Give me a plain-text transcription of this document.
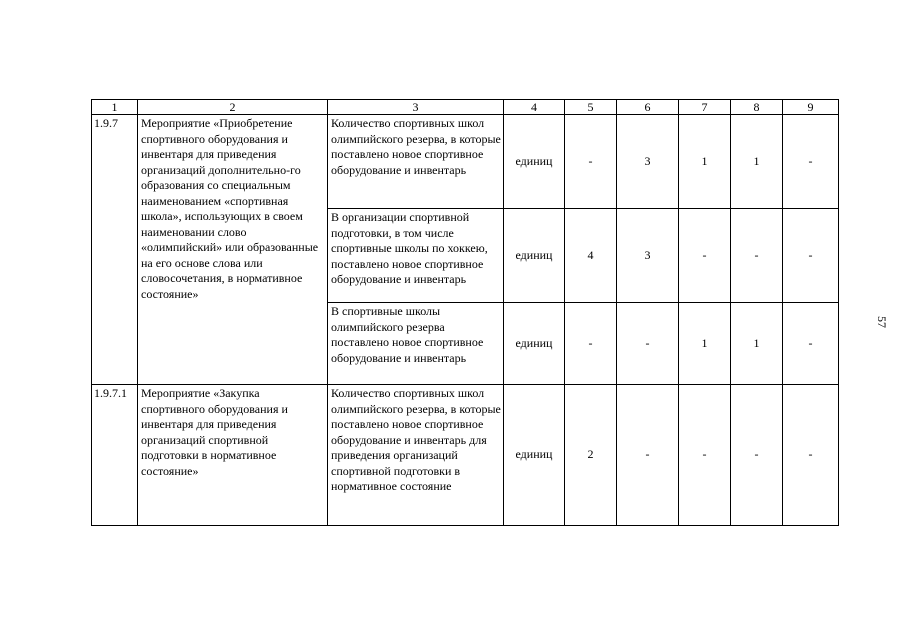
1	2	3	4	5	6	7	8	9
1.9.7	Мероприятие «Приобретение спортивного оборудования и инвентаря для приведения организаций дополнительно-го образования со специальным наименованием «спортивная школа», использующих в своем наименовании слово «олимпийский» или образованные на его основе слова или словосочетания, в нормативное состояние»	Количество спортивных школ олимпийского резерва, в которые поставлено новое спортивное оборудование и инвентарь	единиц	-	3	1	1	-
		В организации спортивной подготовки, в том числе спортивные школы по хоккею, поставлено новое спортивное оборудование и инвентарь	единиц	4	3	-	-	-
		В спортивные школы олимпийского резерва поставлено новое спортивное оборудование и инвентарь	единиц	-	-	1	1	-
1.9.7.1	Мероприятие «Закупка спортивного оборудования и инвентаря для приведения организаций спортивной подготовки в нормативное состояние»	Количество спортивных школ олимпийского резерва, в которые поставлено новое спортивное оборудование и инвентарь для приведения организаций спортивной подготовки в нормативное состояние	единиц	2	-	-	-	-
57
